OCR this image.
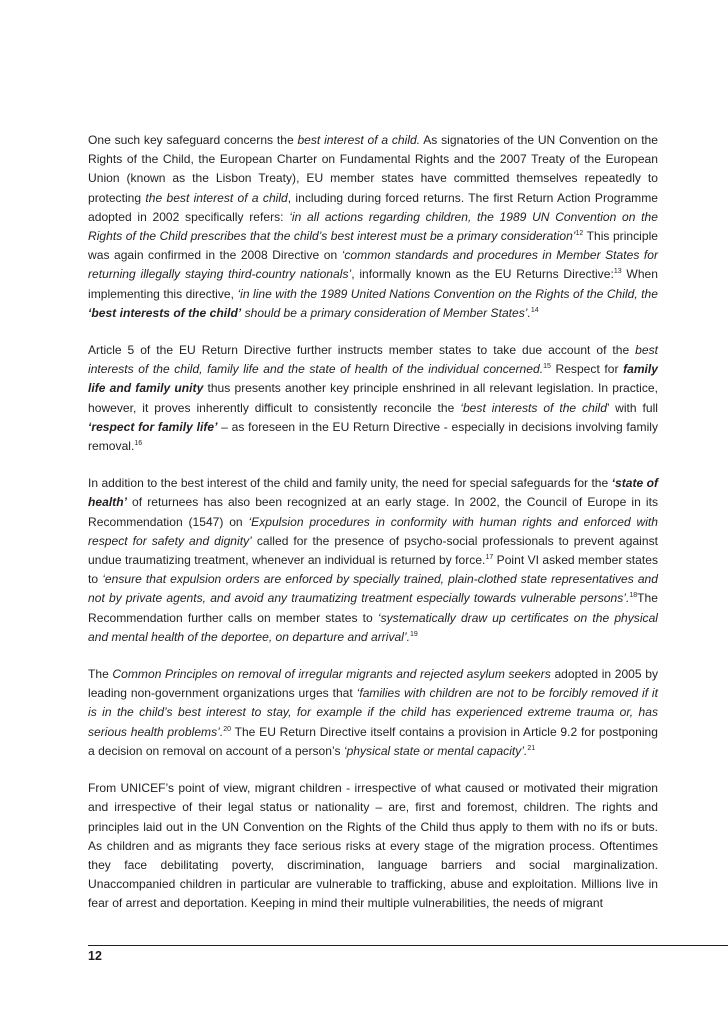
One such key safeguard concerns the best interest of a child. As signatories of the UN Convention on the Rights of the Child, the European Charter on Fundamental Rights and the 2007 Treaty of the European Union (known as the Lisbon Treaty), EU member states have committed themselves repeatedly to protecting the best interest of a child, including during forced returns. The first Return Action Programme adopted in 2002 specifically refers: ‘in all actions regarding children, the 1989 UN Convention on the Rights of the Child prescribes that the child’s best interest must be a primary consideration’$^{12}$ This principle was again confirmed in the 2008 Directive on ‘common standards and procedures in Member States for returning illegally staying third-country nationals’, informally known as the EU Returns Directive:$^{13}$ When implementing this directive, ‘in line with the 1989 United Nations Convention on the Rights of the Child, the ‘best interests of the child’ should be a primary consideration of Member States’.$^{14}$

Article 5 of the EU Return Directive further instructs member states to take due account of the best interests of the child, family life and the state of health of the individual concerned.$^{15}$ Respect for family life and family unity thus presents another key principle enshrined in all relevant legislation. In practice, however, it proves inherently difficult to consistently reconcile the ‘best interests of the child’ with full ‘respect for family life’ – as foreseen in the EU Return Directive - especially in decisions involving family removal.$^{16}$

In addition to the best interest of the child and family unity, the need for special safeguards for the ‘state of health’ of returnees has also been recognized at an early stage. In 2002, the Council of Europe in its Recommendation (1547) on ‘Expulsion procedures in conformity with human rights and enforced with respect for safety and dignity’ called for the presence of psycho-social professionals to prevent against undue traumatizing treatment, whenever an individual is returned by force.$^{17}$ Point VI asked member states to ‘ensure that expulsion orders are enforced by specially trained, plain-clothed state representatives and not by private agents, and avoid any traumatizing treatment especially towards vulnerable persons’.$^{18}$The Recommendation further calls on member states to ‘systematically draw up certificates on the physical and mental health of the deportee, on departure and arrival’.$^{19}$

The Common Principles on removal of irregular migrants and rejected asylum seekers adopted in 2005 by leading non-government organizations urges that ‘families with children are not to be forcibly removed if it is in the child’s best interest to stay, for example if the child has experienced extreme trauma or, has serious health problems’.$^{20}$ The EU Return Directive itself contains a provision in Article 9.2 for postponing a decision on removal on account of a person’s ‘physical state or mental capacity’.$^{21}$

From UNICEF’s point of view, migrant children - irrespective of what caused or motivated their migration and irrespective of their legal status or nationality – are, first and foremost, children. The rights and principles laid out in the UN Convention on the Rights of the Child thus apply to them with no ifs or buts. As children and as migrants they face serious risks at every stage of the migration process. Oftentimes they face debilitating poverty, discrimination, language barriers and social marginalization. Unaccompanied children in particular are vulnerable to trafficking, abuse and exploitation. Millions live in fear of arrest and deportation. Keeping in mind their multiple vulnerabilities, the needs of migrant

12
